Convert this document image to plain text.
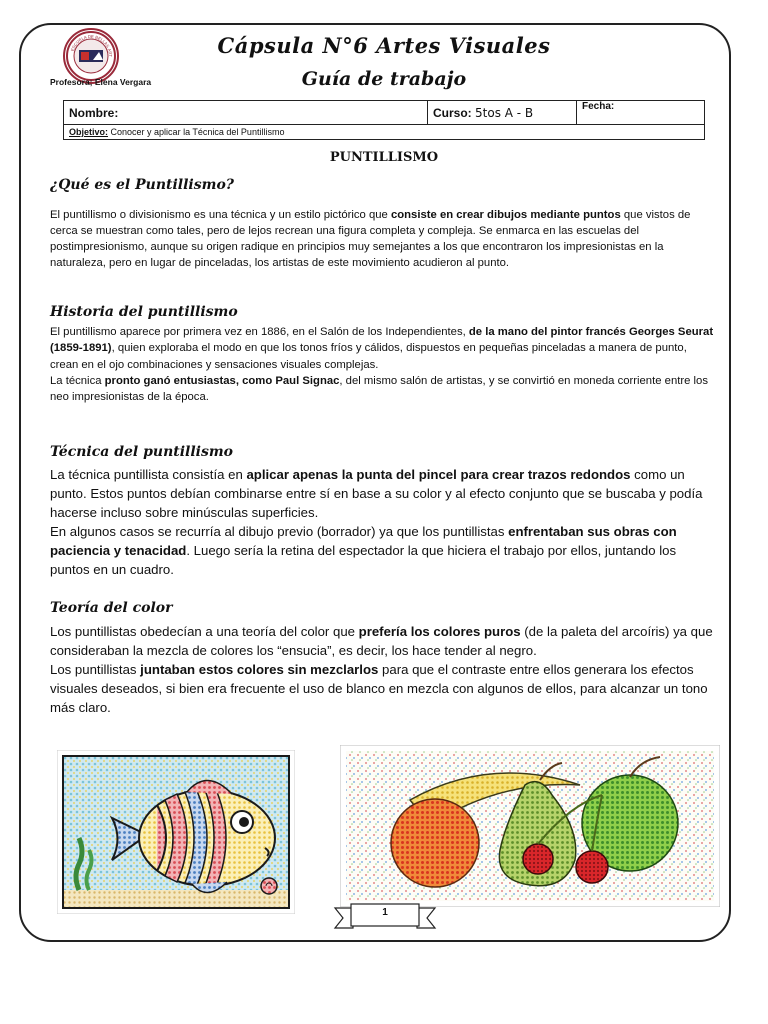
ESCUELA DE BELLAS ART
Profesora; Elena Vergara
Cápsula N°6 Artes Visuales
Guía de trabajo
Nombre:	Curso: 5tos A - B	Fecha:
Objetivo: Conocer y aplicar la Técnica del Puntillismo
PUNTILLISMO
¿Qué es el Puntillismo?
El puntillismo o divisionismo es una técnica y un estilo pictórico que consiste en crear dibujos mediante puntos que vistos de cerca se muestran como tales, pero de lejos recrean una figura completa y compleja. Se enmarca en las escuelas del postimpresionismo, aunque su origen radique en principios muy semejantes a los que encontraron los impresionistas en la naturaleza, pero en lugar de pinceladas, los artistas de este movimiento acudieron al punto.
Historia del puntillismo
El puntillismo aparece por primera vez en 1886, en el Salón de los Independientes, de la mano del pintor francés Georges Seurat (1859-1891), quien exploraba el modo en que los tonos fríos y cálidos, dispuestos en pequeñas pinceladas a manera de punto, crean en el ojo combinaciones y sensaciones visuales complejas.
La técnica pronto ganó entusiastas, como Paul Signac, del mismo salón de artistas, y se convirtió en moneda corriente entre los neo impresionistas de la época.
Técnica del puntillismo
La técnica puntillista consistía en aplicar apenas la punta del pincel para crear trazos redondos como un punto. Estos puntos debían combinarse entre sí en base a su color y al efecto conjunto que se buscaba y podía hacerse incluso sobre minúsculas superficies.
En algunos casos se recurría al dibujo previo (borrador) ya que los puntillistas enfrentaban sus obras con paciencia y tenacidad. Luego sería la retina del espectador la que hiciera el trabajo por ellos, juntando los puntos en un cuadro.
Teoría del color
Los puntillistas obedecían a una teoría del color que prefería los colores puros (de la paleta del arcoíris) ya que consideraban la mezcla de colores los “ensucia”, es decir, los hace tender al negro.
Los puntillistas juntaban estos colores sin mezclarlos para que el contraste entre ellos generara los efectos visuales deseados, si bien era frecuente el uso de blanco en mezcla con algunos de ellos, para alcanzar un tono más claro.
1
